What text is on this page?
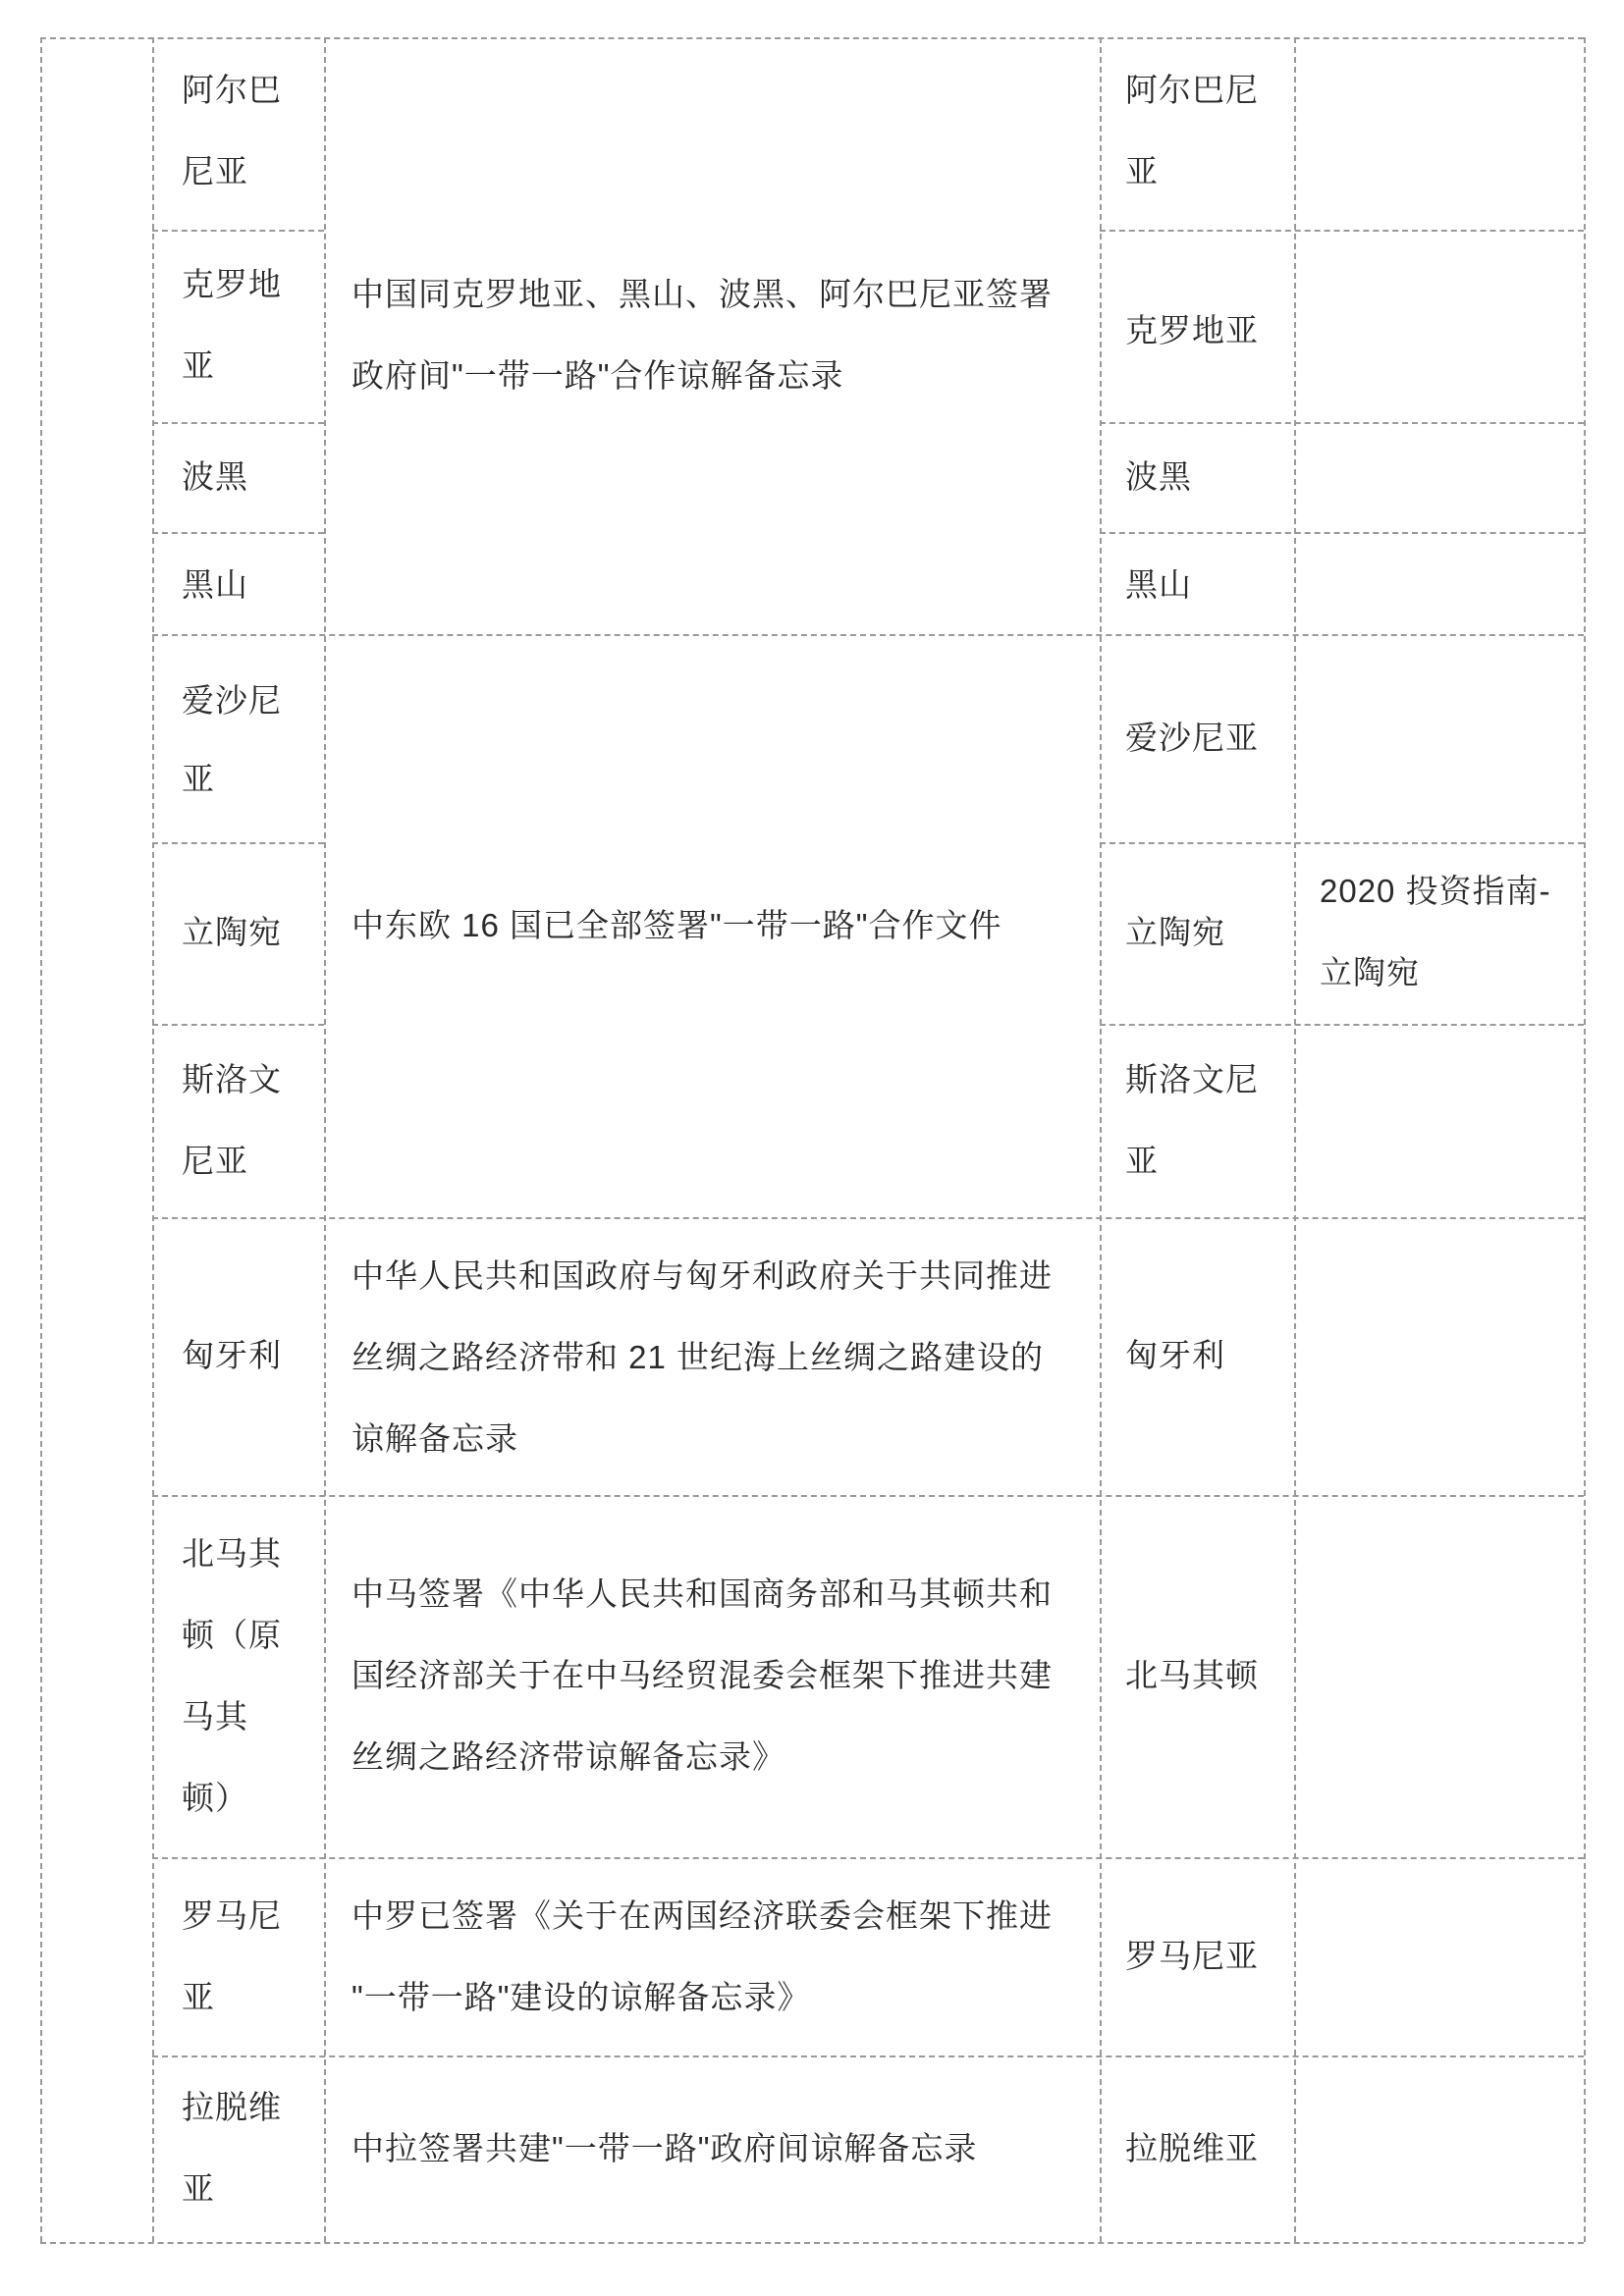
阿尔巴
尼亚
克罗地
亚
波黑
黑山
爱沙尼
亚
立陶宛
斯洛文
尼亚
匈牙利
北马其
顿（原
马其
顿）
罗马尼
亚
拉脱维
亚
中国同克罗地亚、黑山、波黑、阿尔巴尼亚签署
政府间"一带一路"合作谅解备忘录
中东欧 16 国已全部签署"一带一路"合作文件
中华人民共和国政府与匈牙利政府关于共同推进
丝绸之路经济带和 21 世纪海上丝绸之路建设的
谅解备忘录
中马签署《中华人民共和国商务部和马其顿共和
国经济部关于在中马经贸混委会框架下推进共建
丝绸之路经济带谅解备忘录》
中罗已签署《关于在两国经济联委会框架下推进
"一带一路"建设的谅解备忘录》
中拉签署共建"一带一路"政府间谅解备忘录
阿尔巴尼
亚
克罗地亚
波黑
黑山
爱沙尼亚
立陶宛
斯洛文尼
亚
匈牙利
北马其顿
罗马尼亚
拉脱维亚
2020 投资指南-
立陶宛
